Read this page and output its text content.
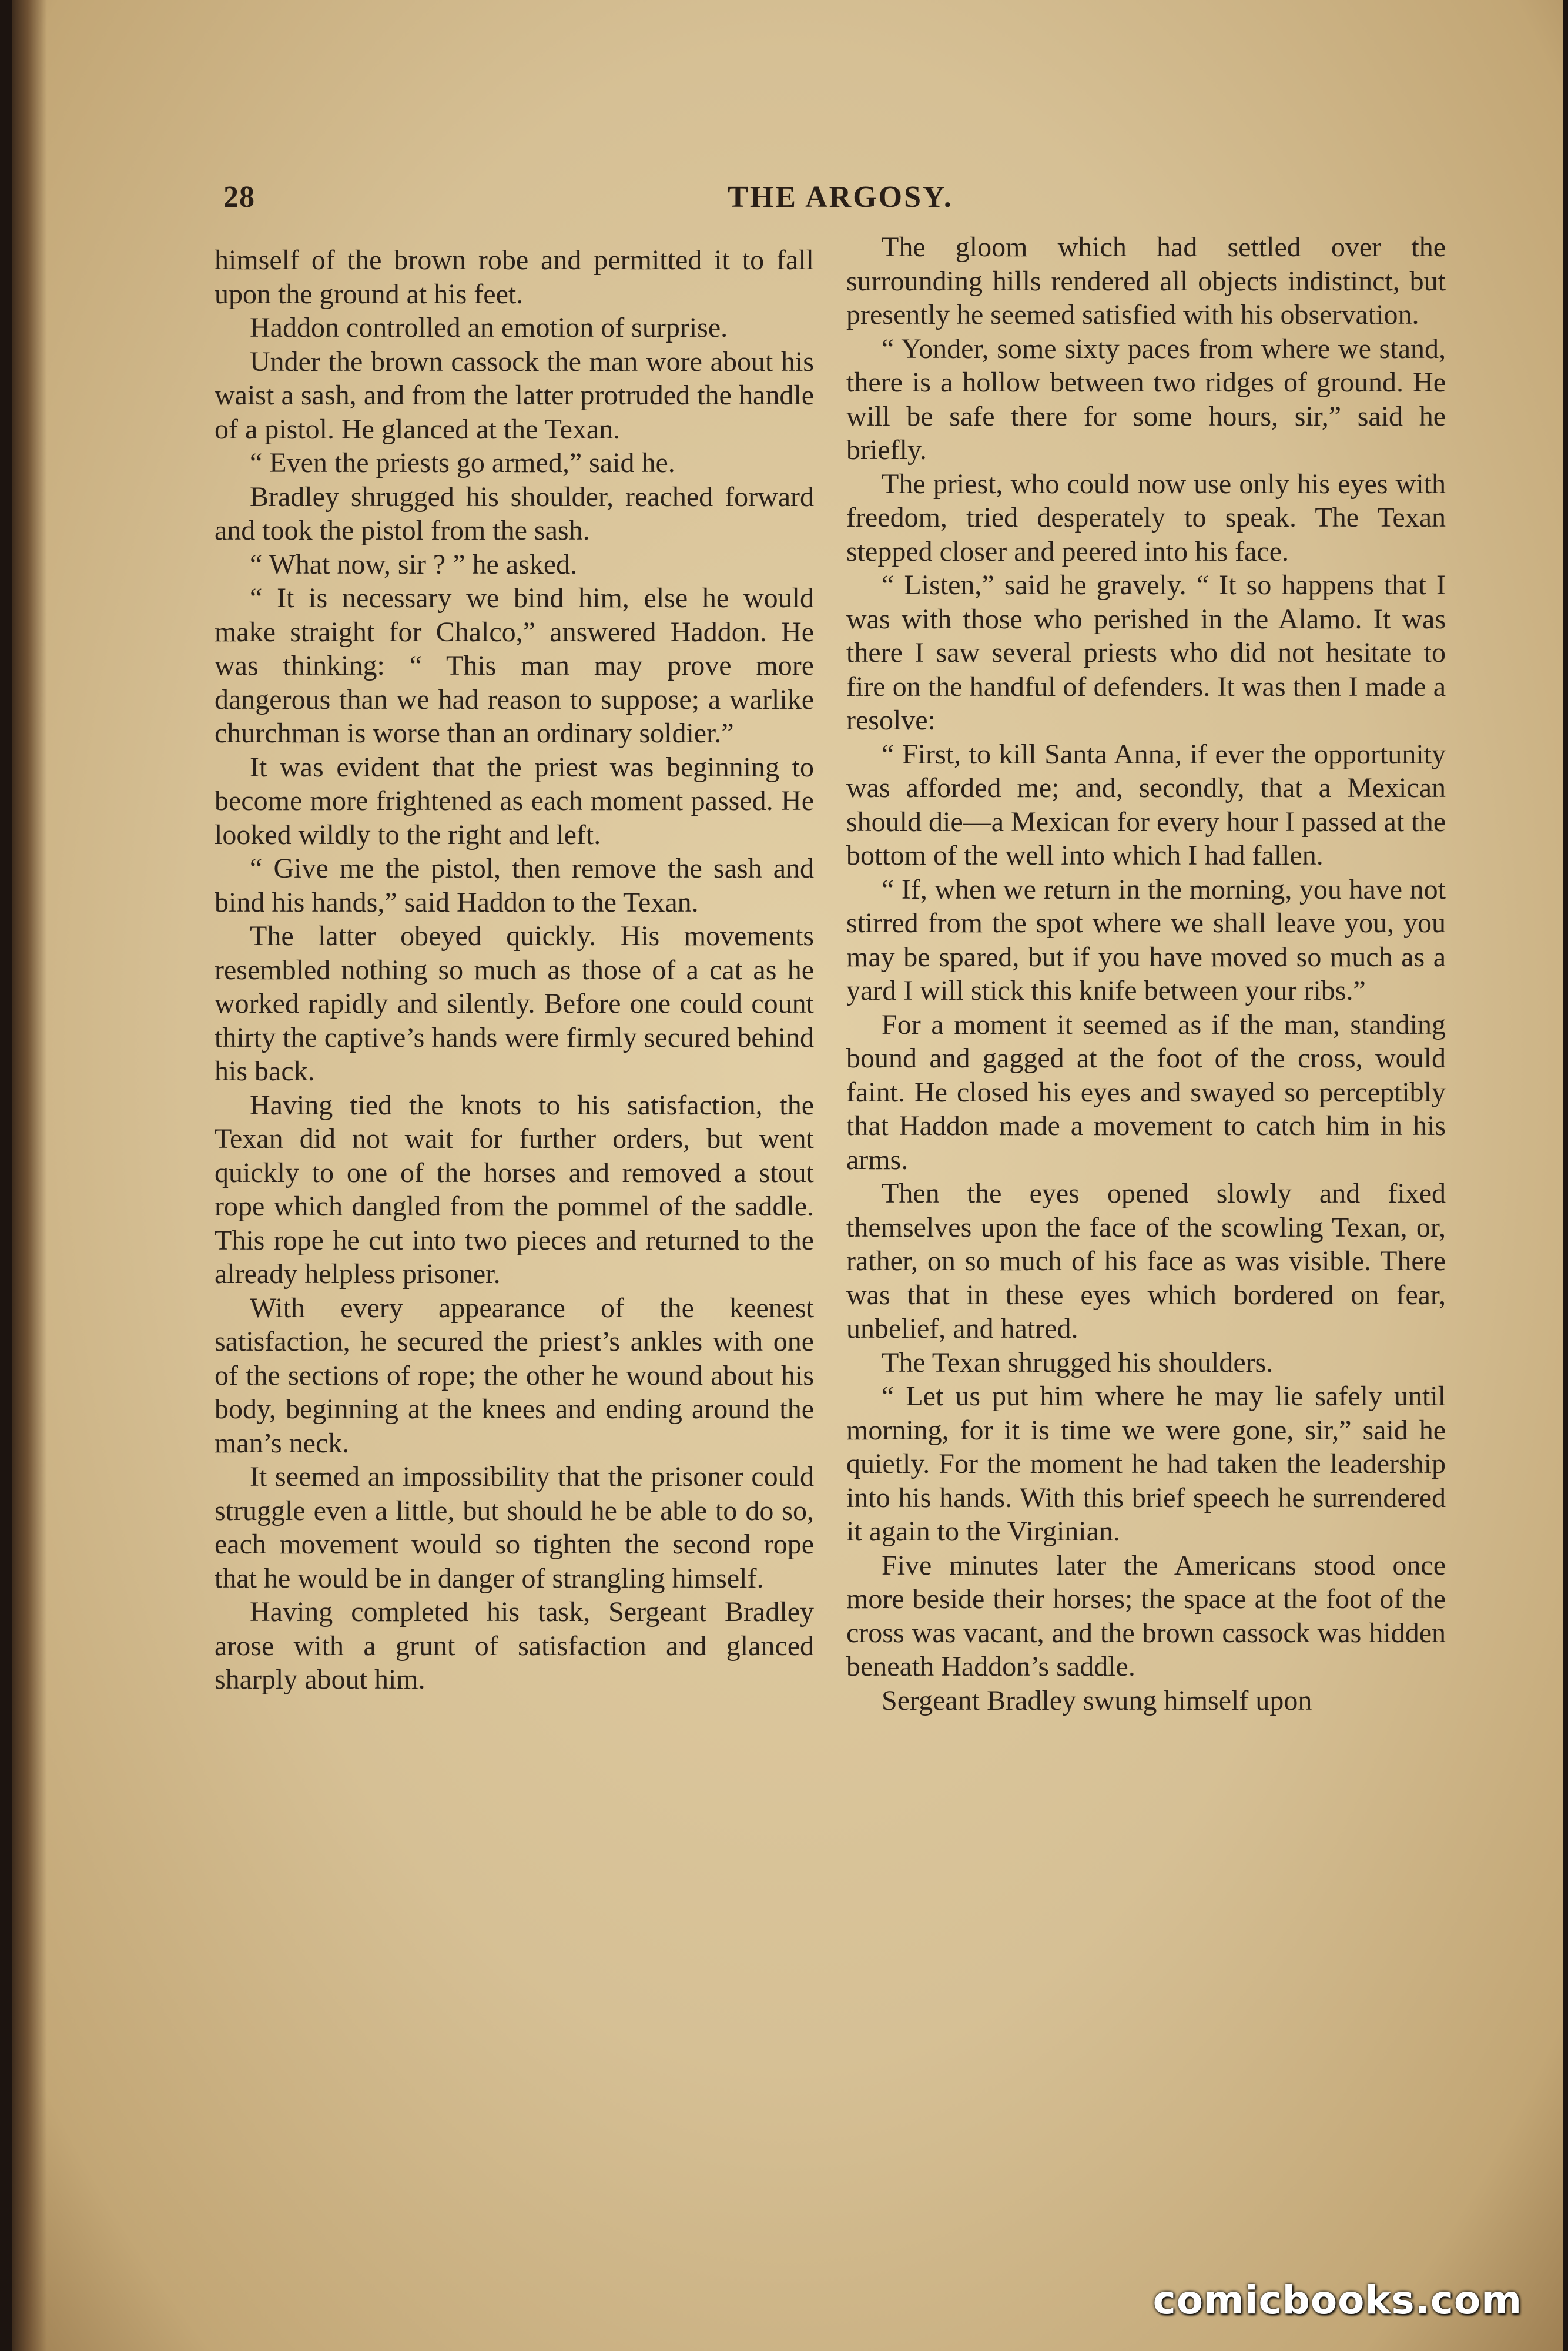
28	THE ARGOSY.

himself of the brown robe and permitted it to fall upon the ground at his feet.

Haddon controlled an emotion of surprise.

Under the brown cassock the man wore about his waist a sash, and from the latter protruded the handle of a pistol. He glanced at the Texan.

“ Even the priests go armed,” said he.

Bradley shrugged his shoulder, reached forward and took the pistol from the sash.

“ What now, sir ? ” he asked.

“ It is necessary we bind him, else he would make straight for Chalco,” answered Haddon. He was thinking: “ This man may prove more dangerous than we had reason to suppose; a warlike churchman is worse than an ordinary soldier.”

It was evident that the priest was beginning to become more frightened as each moment passed. He looked wildly to the right and left.

“ Give me the pistol, then remove the sash and bind his hands,” said Haddon to the Texan.

The latter obeyed quickly. His movements resembled nothing so much as those of a cat as he worked rapidly and silently. Before one could count thirty the captive’s hands were firmly secured behind his back.

Having tied the knots to his satisfaction, the Texan did not wait for further orders, but went quickly to one of the horses and removed a stout rope which dangled from the pommel of the saddle. This rope he cut into two pieces and returned to the already helpless prisoner.

With every appearance of the keenest satisfaction, he secured the priest’s ankles with one of the sections of rope; the other he wound about his body, beginning at the knees and ending around the man’s neck.

It seemed an impossibility that the prisoner could struggle even a little, but should he be able to do so, each movement would so tighten the second rope that he would be in danger of strangling himself.

Having completed his task, Sergeant Bradley arose with a grunt of satisfaction and glanced sharply about him.

The gloom which had settled over the surrounding hills rendered all objects indistinct, but presently he seemed satisfied with his observation.

“ Yonder, some sixty paces from where we stand, there is a hollow between two ridges of ground. He will be safe there for some hours, sir,” said he briefly.

The priest, who could now use only his eyes with freedom, tried desperately to speak. The Texan stepped closer and peered into his face.

“ Listen,” said he gravely. “ It so happens that I was with those who perished in the Alamo. It was there I saw several priests who did not hesitate to fire on the handful of defenders. It was then I made a resolve:

“ First, to kill Santa Anna, if ever the opportunity was afforded me; and, secondly, that a Mexican should die—a Mexican for every hour I passed at the bottom of the well into which I had fallen.

“ If, when we return in the morning, you have not stirred from the spot where we shall leave you, you may be spared, but if you have moved so much as a yard I will stick this knife between your ribs.”

For a moment it seemed as if the man, standing bound and gagged at the foot of the cross, would faint. He closed his eyes and swayed so perceptibly that Haddon made a movement to catch him in his arms.

Then the eyes opened slowly and fixed themselves upon the face of the scowling Texan, or, rather, on so much of his face as was visible. There was that in these eyes which bordered on fear, unbelief, and hatred.

The Texan shrugged his shoulders.

“ Let us put him where he may lie safely until morning, for it is time we were gone, sir,” said he quietly. For the moment he had taken the leadership into his hands. With this brief speech he surrendered it again to the Virginian.

Five minutes later the Americans stood once more beside their horses; the space at the foot of the cross was vacant, and the brown cassock was hidden beneath Haddon’s saddle.

Sergeant Bradley swung himself upon

comicbooks.com
